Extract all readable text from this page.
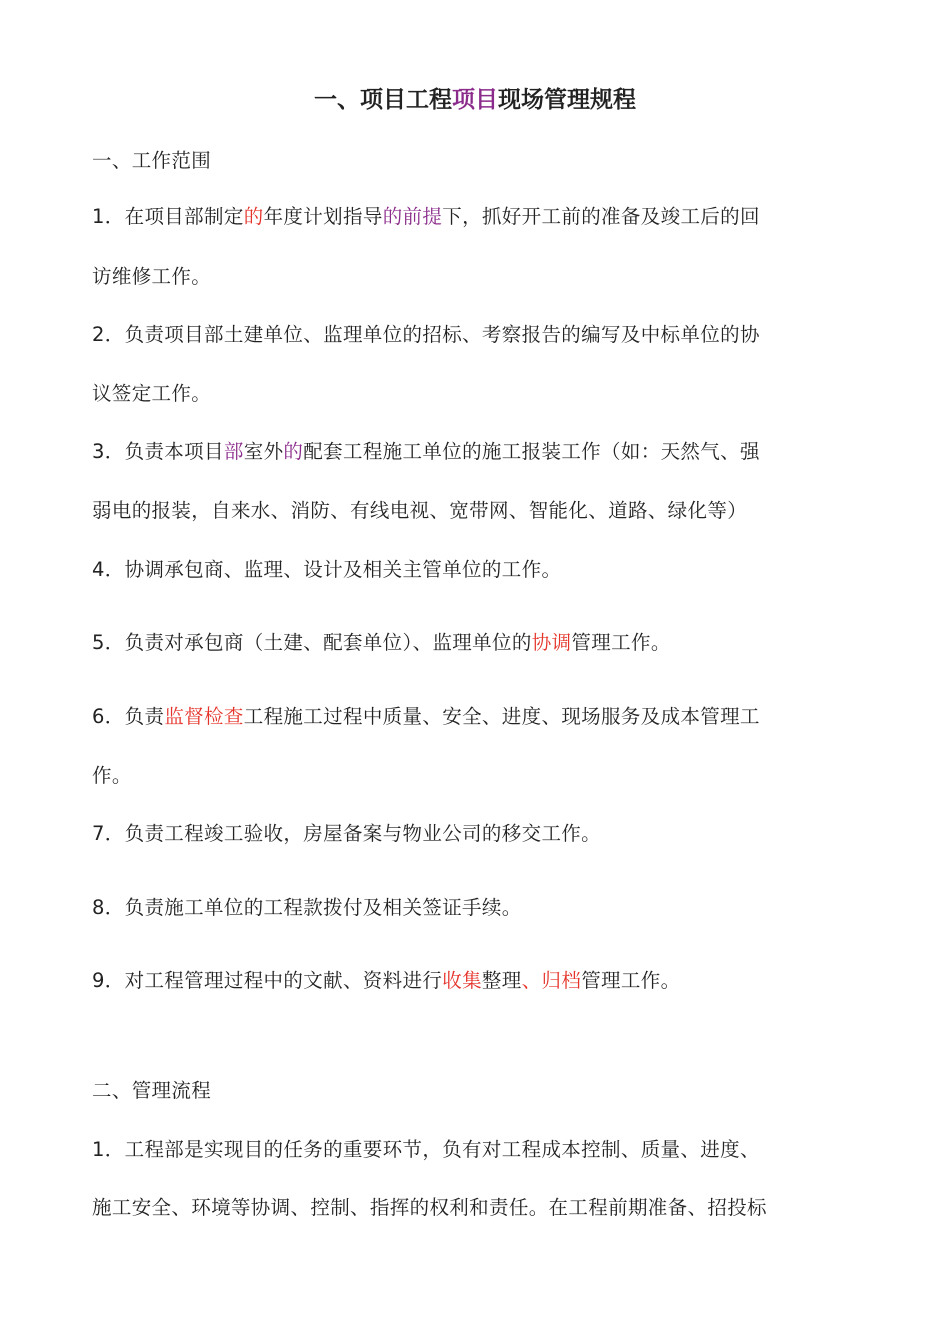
一、项目工程项目现场管理规程
一、工作范围
1．在项目部制定的年度计划指导的前提下，抓好开工前的准备及竣工后的回
访维修工作。
2．负责项目部土建单位、监理单位的招标、考察报告的编写及中标单位的协
议签定工作。
3．负责本项目部室外的配套工程施工单位的施工报装工作（如：天然气、强
弱电的报装，自来水、消防、有线电视、宽带网、智能化、道路、绿化等）
4．协调承包商、监理、设计及相关主管单位的工作。
5．负责对承包商（土建、配套单位）、监理单位的协调管理工作。
6．负责监督检查工程施工过程中质量、安全、进度、现场服务及成本管理工
作。
7．负责工程竣工验收，房屋备案与物业公司的移交工作。
8．负责施工单位的工程款拨付及相关签证手续。
9．对工程管理过程中的文献、资料进行收集整理、归档管理工作。
二、管理流程
1．工程部是实现目的任务的重要环节，负有对工程成本控制、质量、进度、
施工安全、环境等协调、控制、指挥的权利和责任。在工程前期准备、招投标
